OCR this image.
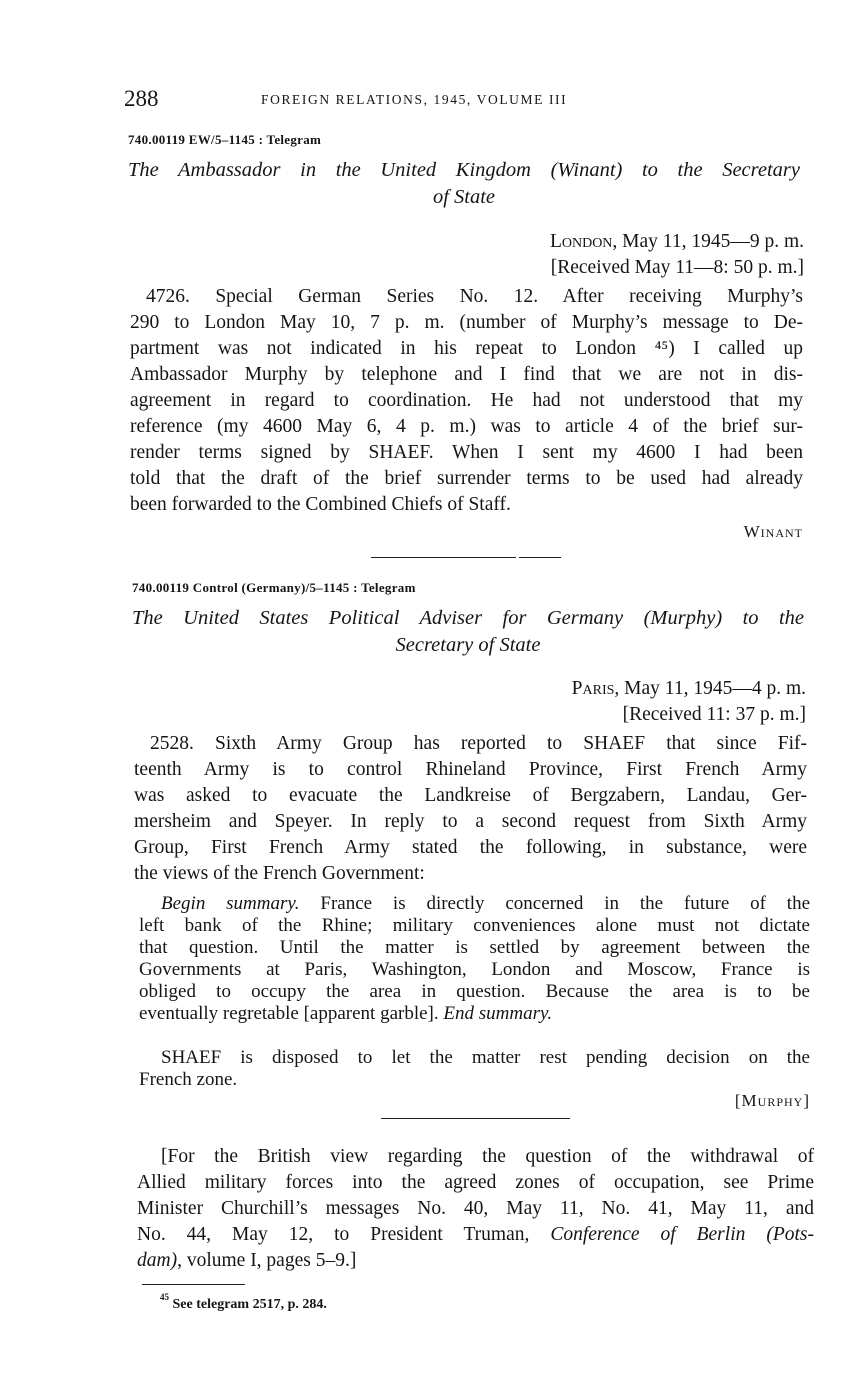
288	FOREIGN RELATIONS, 1945, VOLUME III
740.00119 EW/5–1145 : Telegram
The Ambassador in the United Kingdom (Winant) to the Secretary
of State
London, May 11, 1945—9 p. m.
[Received May 11—8: 50 p. m.]
4726. Special German Series No. 12. After receiving Murphy’s
290 to London May 10, 7 p. m. (number of Murphy’s message to De-
partment was not indicated in his repeat to London ⁴⁵) I called up
Ambassador Murphy by telephone and I find that we are not in dis-
agreement in regard to coordination. He had not understood that my
reference (my 4600 May 6, 4 p. m.) was to article 4 of the brief sur-
render terms signed by SHAEF. When I sent my 4600 I had been
told that the draft of the brief surrender terms to be used had already
been forwarded to the Combined Chiefs of Staff.
Winant
740.00119 Control (Germany)/5–1145 : Telegram
The United States Political Adviser for Germany (Murphy) to the
Secretary of State
Paris, May 11, 1945—4 p. m.
[Received 11: 37 p. m.]
2528. Sixth Army Group has reported to SHAEF that since Fif-
teenth Army is to control Rhineland Province, First French Army
was asked to evacuate the Landkreise of Bergzabern, Landau, Ger-
mersheim and Speyer. In reply to a second request from Sixth Army
Group, First French Army stated the following, in substance, were
the views of the French Government:
Begin summary. France is directly concerned in the future of the
left bank of the Rhine; military conveniences alone must not dictate
that question. Until the matter is settled by agreement between the
Governments at Paris, Washington, London and Moscow, France is
obliged to occupy the area in question. Because the area is to be
eventually regretable [apparent garble]. End summary.
SHAEF is disposed to let the matter rest pending decision on the
French zone.
[Murphy]
[For the British view regarding the question of the withdrawal of
Allied military forces into the agreed zones of occupation, see Prime
Minister Churchill’s messages No. 40, May 11, No. 41, May 11, and
No. 44, May 12, to President Truman, Conference of Berlin (Pots-
dam), volume I, pages 5–9.]
$^{45}$ See telegram 2517, p. 284.
